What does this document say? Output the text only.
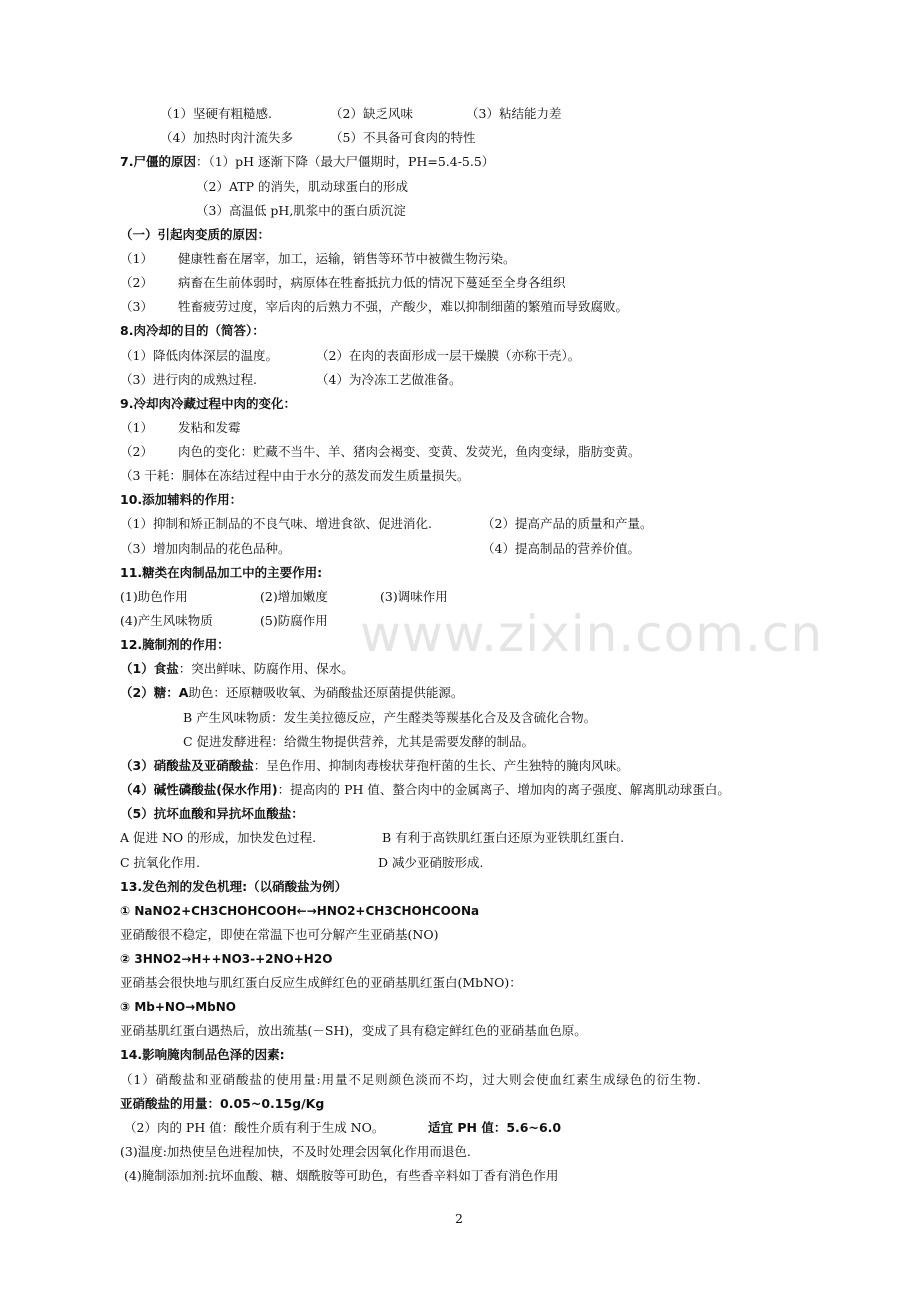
www.zixin.com.cn
（1）坚硬有粗糙感.	（2）缺乏风味	（3）粘结能力差
（4）加热时肉汁流失多	（5）不具备可食肉的特性
7.尸僵的原因：（1）pH 逐渐下降（最大尸僵期时，PH=5.4-5.5）
（2）ATP 的消失，肌动球蛋白的形成
（3）高温低 pH,肌浆中的蛋白质沉淀
（一）引起肉变质的原因：
（1） 健康牲畜在屠宰，加工，运输，销售等环节中被微生物污染。
（2） 病畜在生前体弱时，病原体在牲畜抵抗力低的情况下蔓延至全身各组织
（3） 牲畜疲劳过度，宰后肉的后熟力不强，产酸少，难以抑制细菌的繁殖而导致腐败。
8.肉冷却的目的（简答）：
（1）降低肉体深层的温度。	（2）在肉的表面形成一层干燥膜（亦称干壳）。
（3）进行肉的成熟过程.	（4）为冷冻工艺做准备。
9.冷却肉冷藏过程中肉的变化：
（1） 发粘和发霉
（2） 肉色的变化：贮藏不当牛、羊、猪肉会褐变、变黄、发荧光，鱼肉变绿，脂肪变黄。
（3 干耗：胴体在冻结过程中由于水分的蒸发而发生质量损失。
10.添加辅料的作用：
（1）抑制和矫正制品的不良气味、增进食欲、促进消化.	（2）提高产品的质量和产量。
（3）增加肉制品的花色品种。	（4）提高制品的营养价值。
11.糖类在肉制品加工中的主要作用:
(1)助色作用	(2)增加嫩度	(3)调味作用
(4)产生风味物质	(5)防腐作用
12.腌制剂的作用：
（1）食盐：突出鲜味、防腐作用、保水。
（2）糖：A助色：还原糖吸收氧、为硝酸盐还原菌提供能源。
B 产生风味物质：发生美拉德反应，产生醛类等羰基化合及及含硫化合物。
C 促进发酵进程：给微生物提供营养，尤其是需要发酵的制品。
（3）硝酸盐及亚硝酸盐：呈色作用、抑制肉毒梭状芽孢杆菌的生长、产生独特的腌肉风味。
（4）碱性磷酸盐(保水作用)：提高肉的 PH 值、螯合肉中的金属离子、增加肉的离子强度、解离肌动球蛋白。
（5）抗坏血酸和异抗坏血酸盐：
A 促进 NO 的形成，加快发色过程.	B 有利于高铁肌红蛋白还原为亚铁肌红蛋白.
C 抗氧化作用.	D 减少亚硝胺形成.
13.发色剂的发色机理:（以硝酸盐为例）
① NaNO2+CH3CHOHCOOH←→HNO2+CH3CHOHCOONa
亚硝酸很不稳定，即使在常温下也可分解产生亚硝基(NO)
② 3HNO2→H++NO3-+2NO+H2O
亚硝基会很快地与肌红蛋白反应生成鲜红色的亚硝基肌红蛋白(MbNO)：
③ Mb+NO→MbNO
亚硝基肌红蛋白遇热后，放出巯基(－SH)，变成了具有稳定鲜红色的亚硝基血色原。
14.影响腌肉制品色泽的因素:
（1）硝酸盐和亚硝酸盐的使用量:用量不足则颜色淡而不均，过大则会使血红素生成绿色的衍生物.
亚硝酸盐的用量：0.05~0.15g/Kg
（2）肉的 PH 值：酸性介质有利于生成 NO。	适宜 PH 值：5.6~6.0
(3)温度:加热使呈色进程加快，不及时处理会因氧化作用而退色.
(4)腌制添加剂:抗坏血酸、糖、烟酰胺等可助色，有些香辛料如丁香有消色作用
2
